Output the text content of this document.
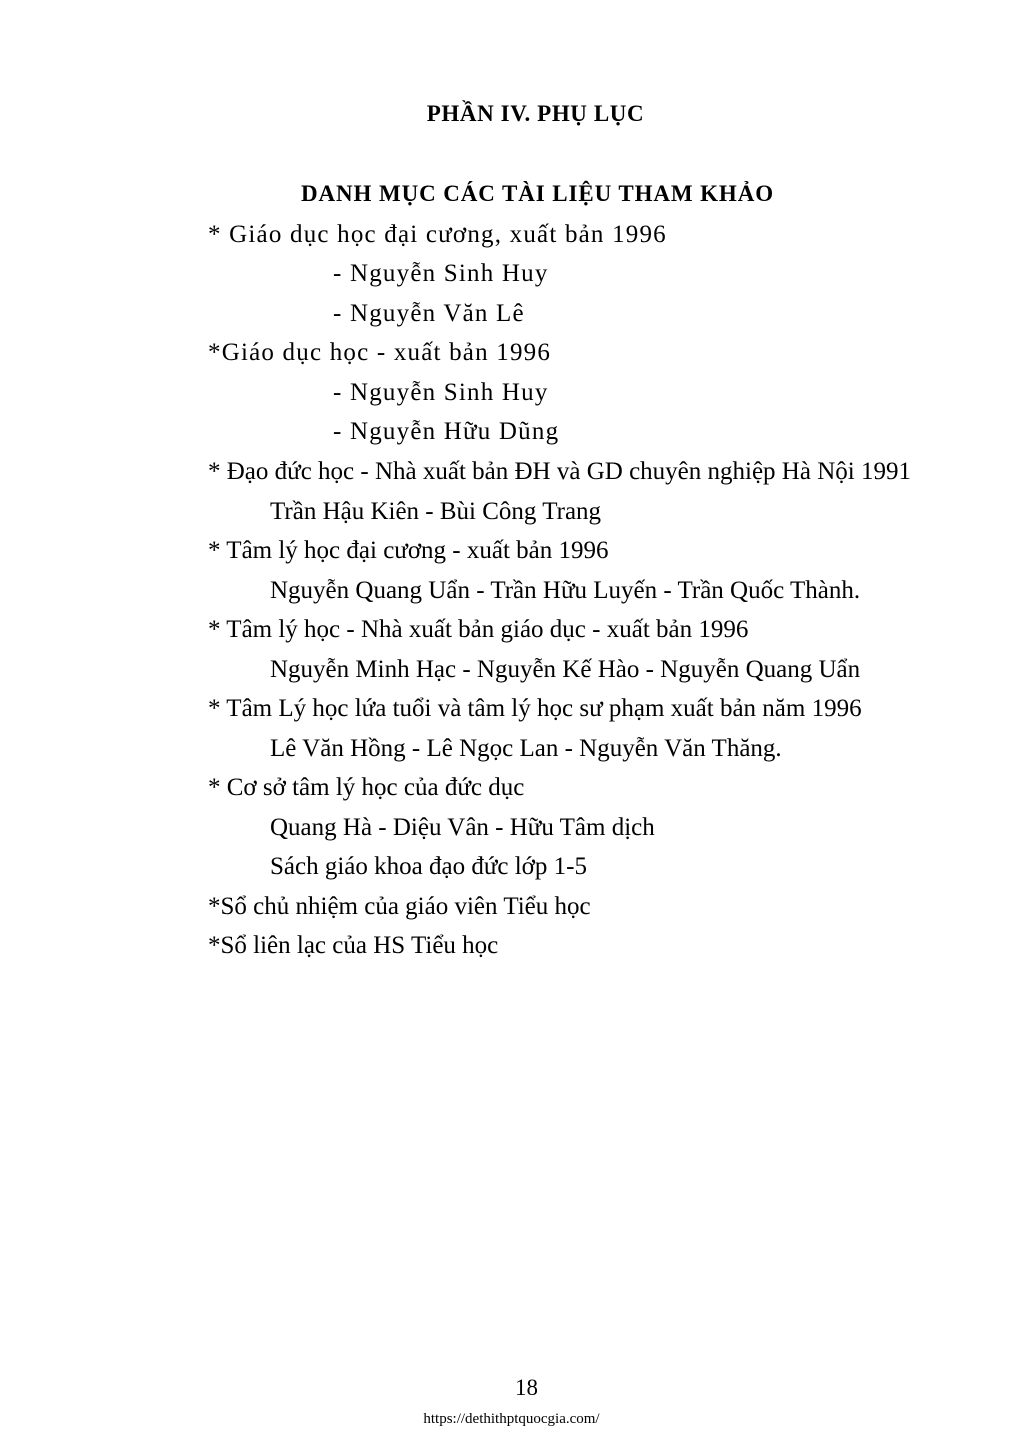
PHẦN IV. PHỤ LỤC
DANH MỤC CÁC TÀI LIỆU THAM KHẢO
* Giáo dục học đại cương, xuất bản 1996
- Nguyễn Sinh Huy
- Nguyễn Văn Lê
*Giáo dục học - xuất bản 1996
- Nguyễn Sinh Huy
- Nguyễn Hữu Dũng
* Đạo đức học - Nhà xuất bản ĐH và GD chuyên nghiệp Hà Nội 1991
Trần Hậu Kiên - Bùi Công Trang
* Tâm lý học đại cương - xuất bản 1996
Nguyễn Quang Uẩn - Trần Hữu Luyến - Trần Quốc Thành.
* Tâm lý học - Nhà xuất bản giáo dục - xuất bản 1996
Nguyễn Minh Hạc - Nguyễn Kế Hào - Nguyễn Quang Uẩn
* Tâm Lý học lứa tuổi và tâm lý học sư phạm xuất bản năm 1996
Lê Văn Hồng - Lê Ngọc Lan - Nguyễn Văn Thăng.
* Cơ sở tâm lý học của đức dục
Quang Hà - Diệu Vân - Hữu Tâm dịch
Sách giáo khoa đạo đức lớp 1-5
*Sổ chủ nhiệm của giáo viên Tiểu học
*Sổ liên lạc của HS Tiểu học
18
https://dethithptquocgia.com/
